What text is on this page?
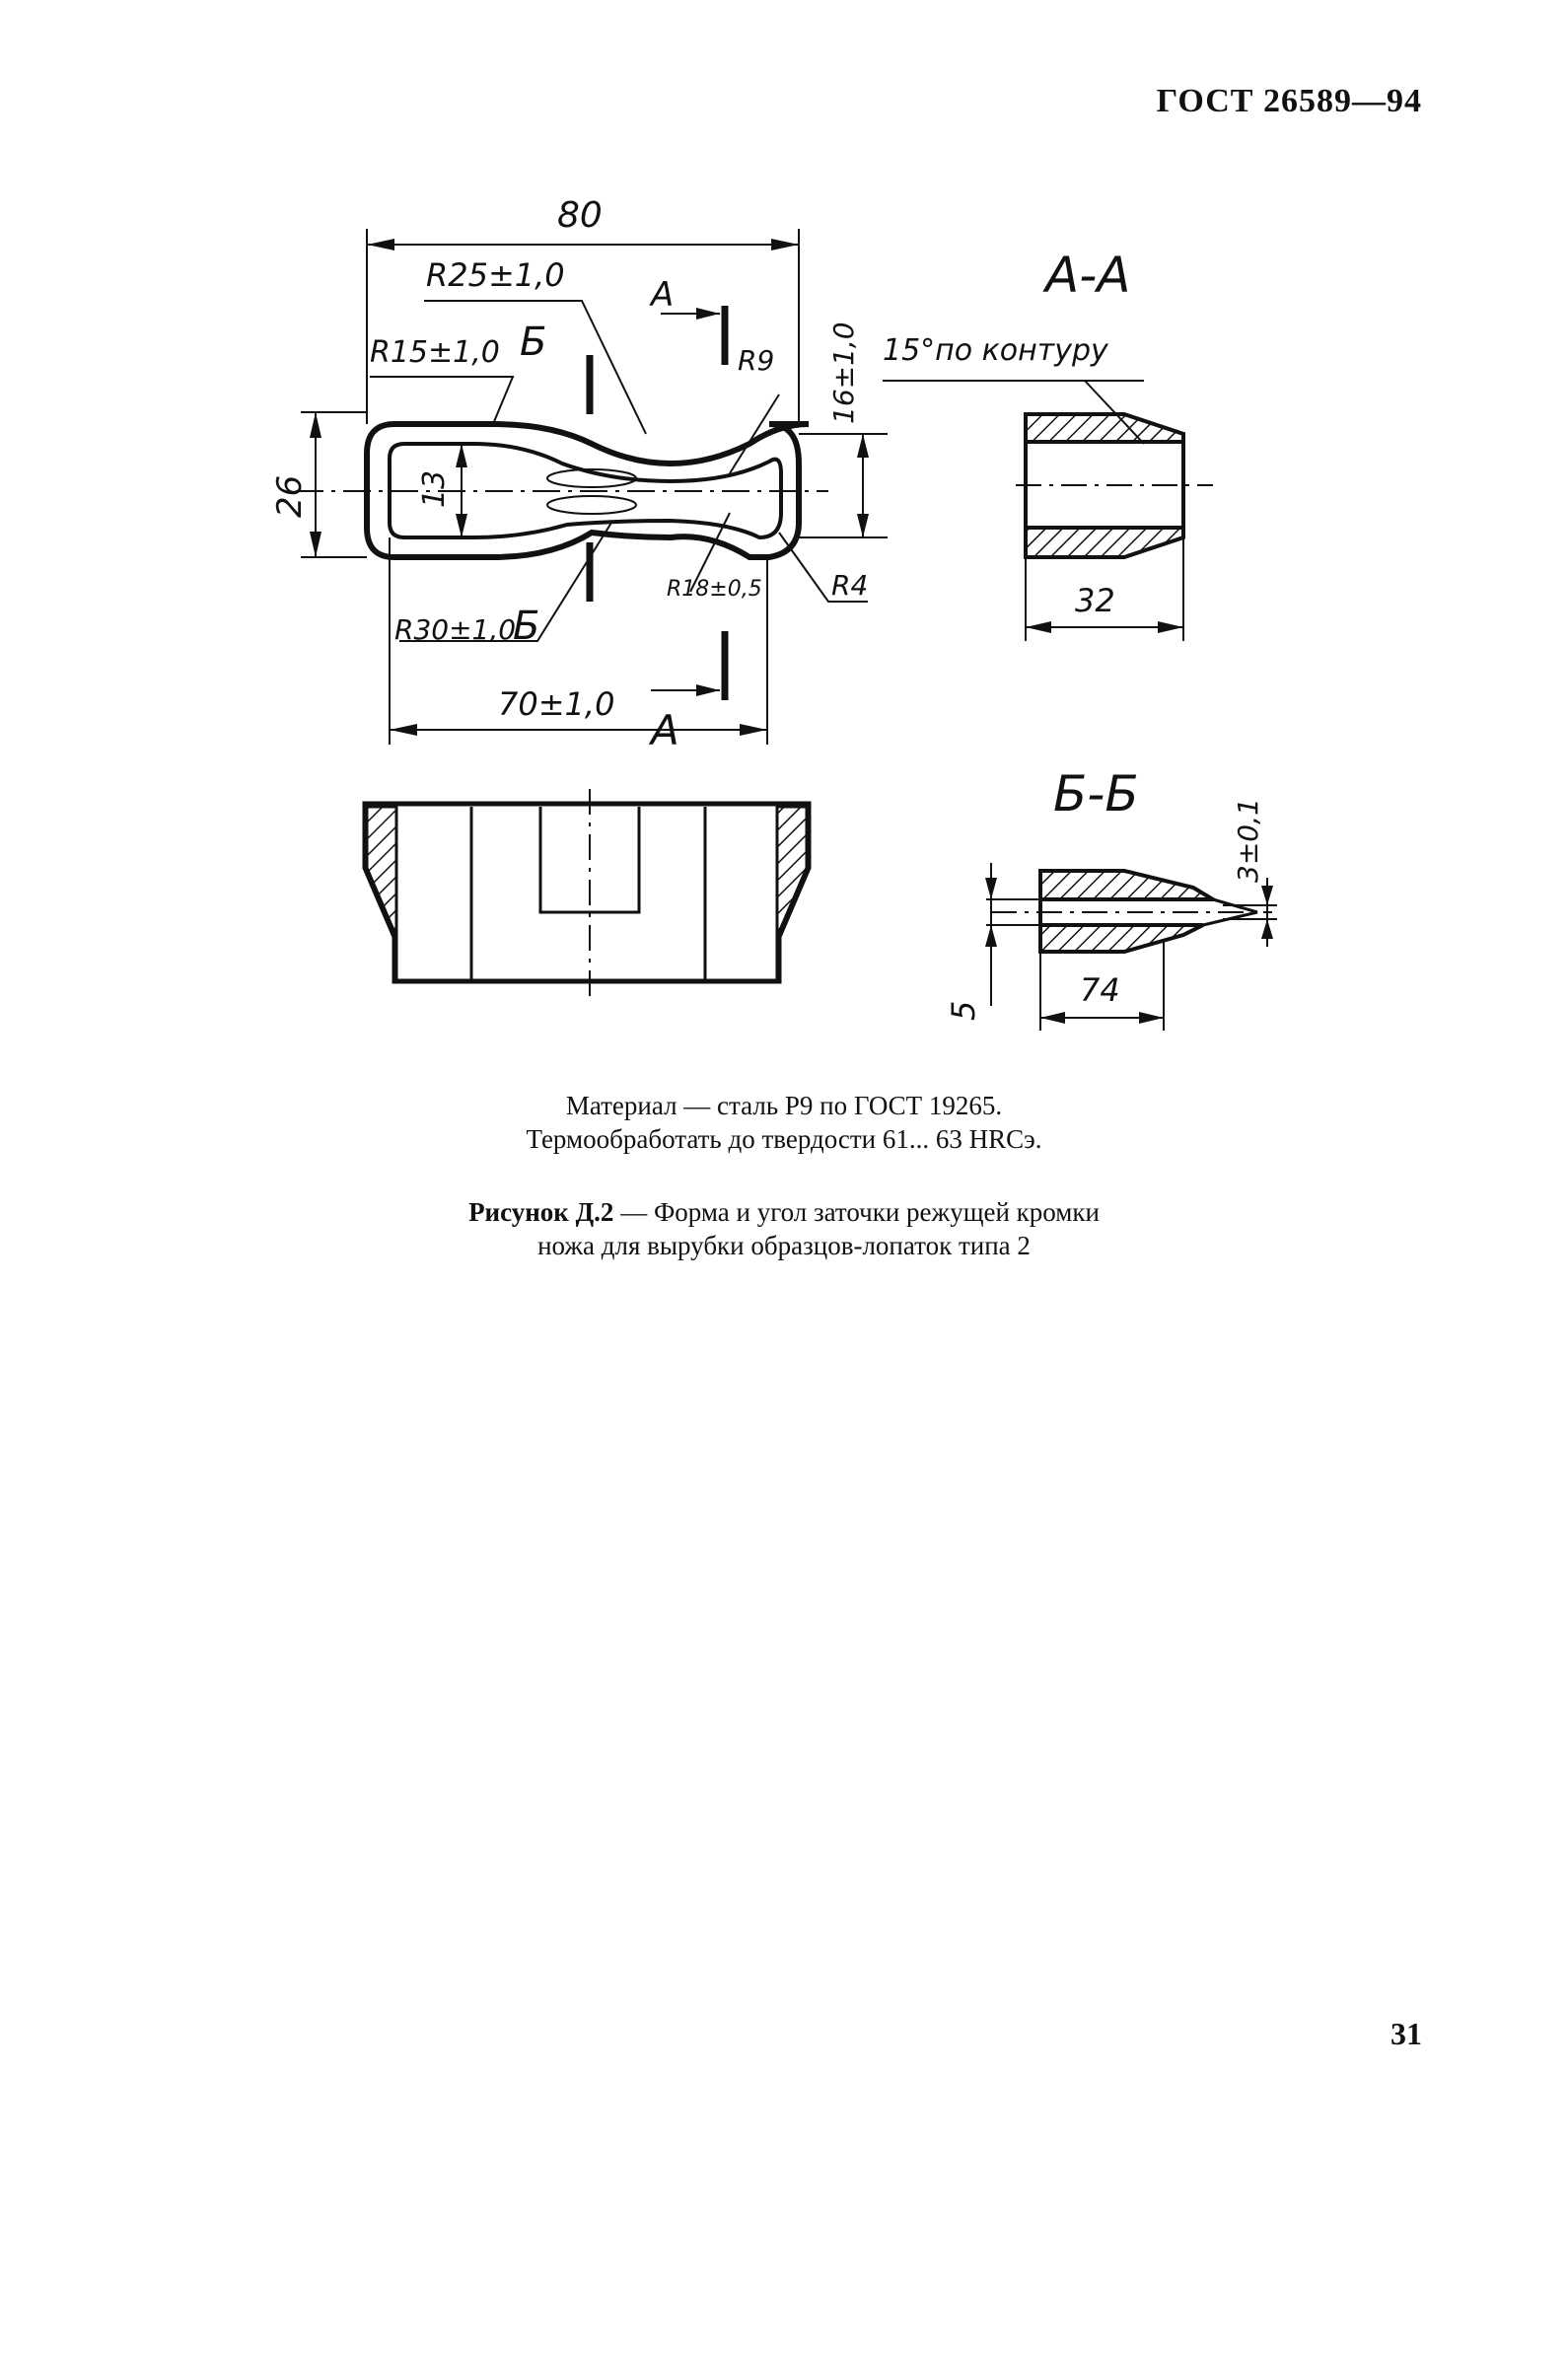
ГОСТ 26589—94
80
R25±1,0	А
R15±1,0 Б	R9
R30±1,0
Б
R18±0,5	R4
70±1,0
А
26	13
16±1,0
А-А
15°по контуру
32
Б-Б
74
5
3±0,1
Материал — сталь Р9 по ГОСТ 19265.
Термообработать до твердости 61... 63 HRCэ.
Рисунок Д.2 — Форма и угол заточки режущей кромки
ножа для вырубки образцов-лопаток типа 2
31
